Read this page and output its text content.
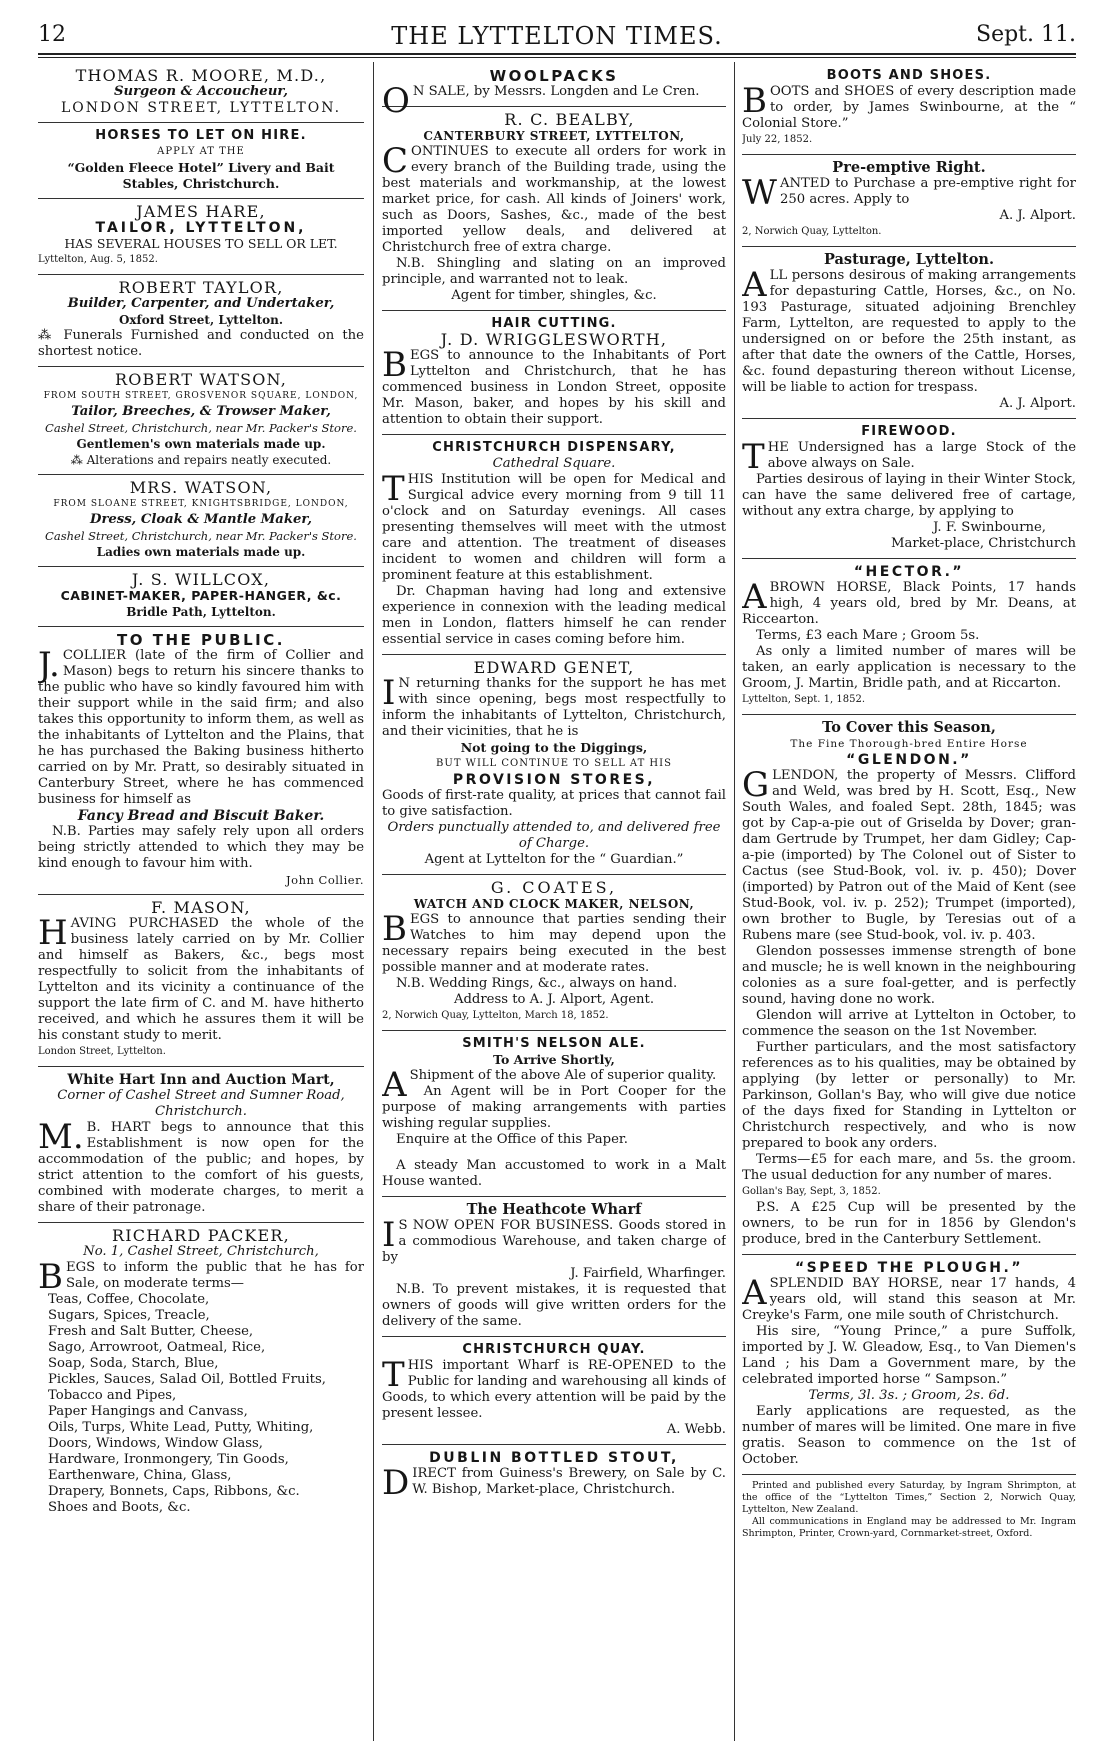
12	THE LYTTELTON TIMES.	Sept. 11.

THOMAS R. MOORE, M.D.,

Surgeon & Accoucheur,

LONDON STREET, LYTTELTON.

HORSES TO LET ON HIRE.

APPLY AT THE

“Golden Fleece Hotel” Livery and Bait Stables, Christchurch.

JAMES HARE,

TAILOR, LYTTELTON,

HAS SEVERAL HOUSES TO SELL OR LET.

Lyttelton, Aug. 5, 1852.

ROBERT TAYLOR,

Builder, Carpenter, and Undertaker,

Oxford Street, Lyttelton.

⁂ Funerals Furnished and conducted on the shortest notice.

ROBERT WATSON,

FROM SOUTH STREET, GROSVENOR SQUARE, LONDON,

Tailor, Breeches, & Trowser Maker,

Cashel Street, Christchurch, near Mr. Packer's Store.

Gentlemen's own materials made up.

⁂ Alterations and repairs neatly executed.

MRS. WATSON,

FROM SLOANE STREET, KNIGHTSBRIDGE, LONDON,

Dress, Cloak & Mantle Maker,

Cashel Street, Christchurch, near Mr. Packer's Store.

Ladies own materials made up.

J. S. WILLCOX,

CABINET-MAKER, PAPER-HANGER, &c.

Bridle Path, Lyttelton.

TO THE PUBLIC.

J. COLLIER (late of the firm of Collier and Mason) begs to return his sincere thanks to the public who have so kindly favoured him with their support while in the said firm; and also takes this opportunity to inform them, as well as the inhabitants of Lyttelton and the Plains, that he has purchased the Baking business hitherto carried on by Mr. Pratt, so desirably situated in Canterbury Street, where he has commenced business for himself as

Fancy Bread and Biscuit Baker.

N.B. Parties may safely rely upon all orders being strictly attended to which they may be kind enough to favour him with.

John Collier.

F. MASON,

HAVING PURCHASED the whole of the business lately carried on by Mr. Collier and himself as Bakers, &c., begs most respectfully to solicit from the inhabitants of Lyttelton and its vicinity a continuance of the support the late firm of C. and M. have hitherto received, and which he assures them it will be his constant study to merit.

London Street, Lyttelton.

White Hart Inn and Auction Mart,

Corner of Cashel Street and Sumner Road, Christchurch.

M. B. HART begs to announce that this Establishment is now open for the accommodation of the public; and hopes, by strict attention to the comfort of his guests, combined with moderate charges, to merit a share of their patronage.

RICHARD PACKER,

No. 1, Cashel Street, Christchurch,

BEGS to inform the public that he has for Sale, on moderate terms—

Teas, Coffee, Chocolate,

Sugars, Spices, Treacle,

Fresh and Salt Butter, Cheese,

Sago, Arrowroot, Oatmeal, Rice,

Soap, Soda, Starch, Blue,

Pickles, Sauces, Salad Oil, Bottled Fruits,

Tobacco and Pipes,

Paper Hangings and Canvass,

Oils, Turps, White Lead, Putty, Whiting,

Doors, Windows, Window Glass,

Hardware, Ironmongery, Tin Goods,

Earthenware, China, Glass,

Drapery, Bonnets, Caps, Ribbons, &c.

Shoes and Boots, &c.

WOOLPACKS

O N SALE, by Messrs. Longden and Le Cren.

R. C. BEALBY,

CANTERBURY STREET, LYTTELTON,

CONTINUES to execute all orders for work in every branch of the Building trade, using the best materials and workmanship, at the lowest market price, for cash. All kinds of Joiners' work, such as Doors, Sashes, &c., made of the best imported yellow deals, and delivered at Christchurch free of extra charge.

N.B. Shingling and slating on an improved principle, and warranted not to leak.

Agent for timber, shingles, &c.

HAIR CUTTING.

J. D. WRIGGLESWORTH,

BEGS to announce to the Inhabitants of Port Lyttelton and Christchurch, that he has commenced business in London Street, opposite Mr. Mason, baker, and hopes by his skill and attention to obtain their support.

CHRISTCHURCH DISPENSARY,

Cathedral Square.

THIS Institution will be open for Medical and Surgical advice every morning from 9 till 11 o'clock and on Saturday evenings. All cases presenting themselves will meet with the utmost care and attention. The treatment of diseases incident to women and children will form a prominent feature at this establishment.

Dr. Chapman having had long and extensive experience in connexion with the leading medical men in London, flatters himself he can render essential service in cases coming before him.

EDWARD GENET,

I N returning thanks for the support he has met with since opening, begs most respectfully to inform the inhabitants of Lyttelton, Christchurch, and their vicinities, that he is

Not going to the Diggings,

BUT WILL CONTINUE TO SELL AT HIS

PROVISION STORES,

Goods of first-rate quality, at prices that cannot fail to give satisfaction.

Orders punctually attended to, and delivered free of Charge.

Agent at Lyttelton for the “ Guardian.”

G. COATES,

WATCH AND CLOCK MAKER, NELSON,

BEGS to announce that parties sending their Watches to him may depend upon the necessary repairs being executed in the best possible manner and at moderate rates.

N.B. Wedding Rings, &c., always on hand.

Address to A. J. Alport, Agent.

2, Norwich Quay, Lyttelton, March 18, 1852.

SMITH'S NELSON ALE.

To Arrive Shortly,

A Shipment of the above Ale of superior quality.

An Agent will be in Port Cooper for the purpose of making arrangements with parties wishing regular supplies.

Enquire at the Office of this Paper.

A steady Man accustomed to work in a Malt House wanted.

The Heathcote Wharf

I S NOW OPEN FOR BUSINESS. Goods stored in a commodious Warehouse, and taken charge of by

J. Fairfield, Wharfinger.

N.B. To prevent mistakes, it is requested that owners of goods will give written orders for the delivery of the same.

CHRISTCHURCH QUAY.

THIS important Wharf is RE-OPENED to the Public for landing and warehousing all kinds of Goods, to which every attention will be paid by the present lessee.

A. Webb.

DUBLIN BOTTLED STOUT,

DIRECT from Guiness's Brewery, on Sale by C. W. Bishop, Market-place, Christchurch.

BOOTS AND SHOES.

BOOTS and SHOES of every description made to order, by James Swinbourne, at the “ Colonial Store.”

July 22, 1852.

Pre-emptive Right.

WANTED to Purchase a pre-emptive right for 250 acres. Apply to

A. J. Alport.

2, Norwich Quay, Lyttelton.

Pasturage, Lyttelton.

ALL persons desirous of making arrangements for depasturing Cattle, Horses, &c., on No. 193 Pasturage, situated adjoining Brenchley Farm, Lyttelton, are requested to apply to the undersigned on or before the 25th instant, as after that date the owners of the Cattle, Horses, &c. found depasturing thereon without License, will be liable to action for trespass.

A. J. Alport.

FIREWOOD.

THE Undersigned has a large Stock of the above always on Sale.

Parties desirous of laying in their Winter Stock, can have the same delivered free of cartage, without any extra charge, by applying to

J. F. Swinbourne,

Market-place, Christchurch

“HECTOR.”

ABROWN HORSE, Black Points, 17 hands high, 4 years old, bred by Mr. Deans, at Riccearton.

Terms, £3 each Mare ; Groom 5s.

As only a limited number of mares will be taken, an early application is necessary to the Groom, J. Martin, Bridle path, and at Riccarton.

Lyttelton, Sept. 1, 1852.

To Cover this Season,

The Fine Thorough-bred Entire Horse

“GLENDON.”

GLENDON, the property of Messrs. Clifford and Weld, was bred by H. Scott, Esq., New South Wales, and foaled Sept. 28th, 1845; was got by Cap-a-pie out of Griselda by Dover; gran-dam Gertrude by Trumpet, her dam Gidley; Cap-a-pie (imported) by The Colonel out of Sister to Cactus (see Stud-Book, vol. iv. p. 450); Dover (imported) by Patron out of the Maid of Kent (see Stud-Book, vol. iv. p. 252); Trumpet (imported), own brother to Bugle, by Teresias out of a Rubens mare (see Stud-book, vol. iv. p. 403.

Glendon possesses immense strength of bone and muscle; he is well known in the neighbouring colonies as a sure foal-getter, and is perfectly sound, having done no work.

Glendon will arrive at Lyttelton in October, to commence the season on the 1st November.

Further particulars, and the most satisfactory references as to his qualities, may be obtained by applying (by letter or personally) to Mr. Parkinson, Gollan's Bay, who will give due notice of the days fixed for Standing in Lyttelton or Christchurch respectively, and who is now prepared to book any orders.

Terms—£5 for each mare, and 5s. the groom. The usual deduction for any number of mares.

Gollan's Bay, Sept, 3, 1852.

P.S. A £25 Cup will be presented by the owners, to be run for in 1856 by Glendon's produce, bred in the Canterbury Settlement.

“SPEED THE PLOUGH.”

ASPLENDID BAY HORSE, near 17 hands, 4 years old, will stand this season at Mr. Creyke's Farm, one mile south of Christchurch.

His sire, “Young Prince,” a pure Suffolk, imported by J. W. Gleadow, Esq., to Van Diemen's Land ; his Dam a Government mare, by the celebrated imported horse “ Sampson.”

Terms, 3l. 3s. ; Groom, 2s. 6d.

Early applications are requested, as the number of mares will be limited. One mare in five gratis. Season to commence on the 1st of October.

Printed and published every Saturday, by Ingram Shrimpton, at the office of the “Lyttelton Times,” Section 2, Norwich Quay, Lyttelton, New Zealand.

All communications in England may be addressed to Mr. Ingram Shrimpton, Printer, Crown-yard, Cornmarket-street, Oxford.
